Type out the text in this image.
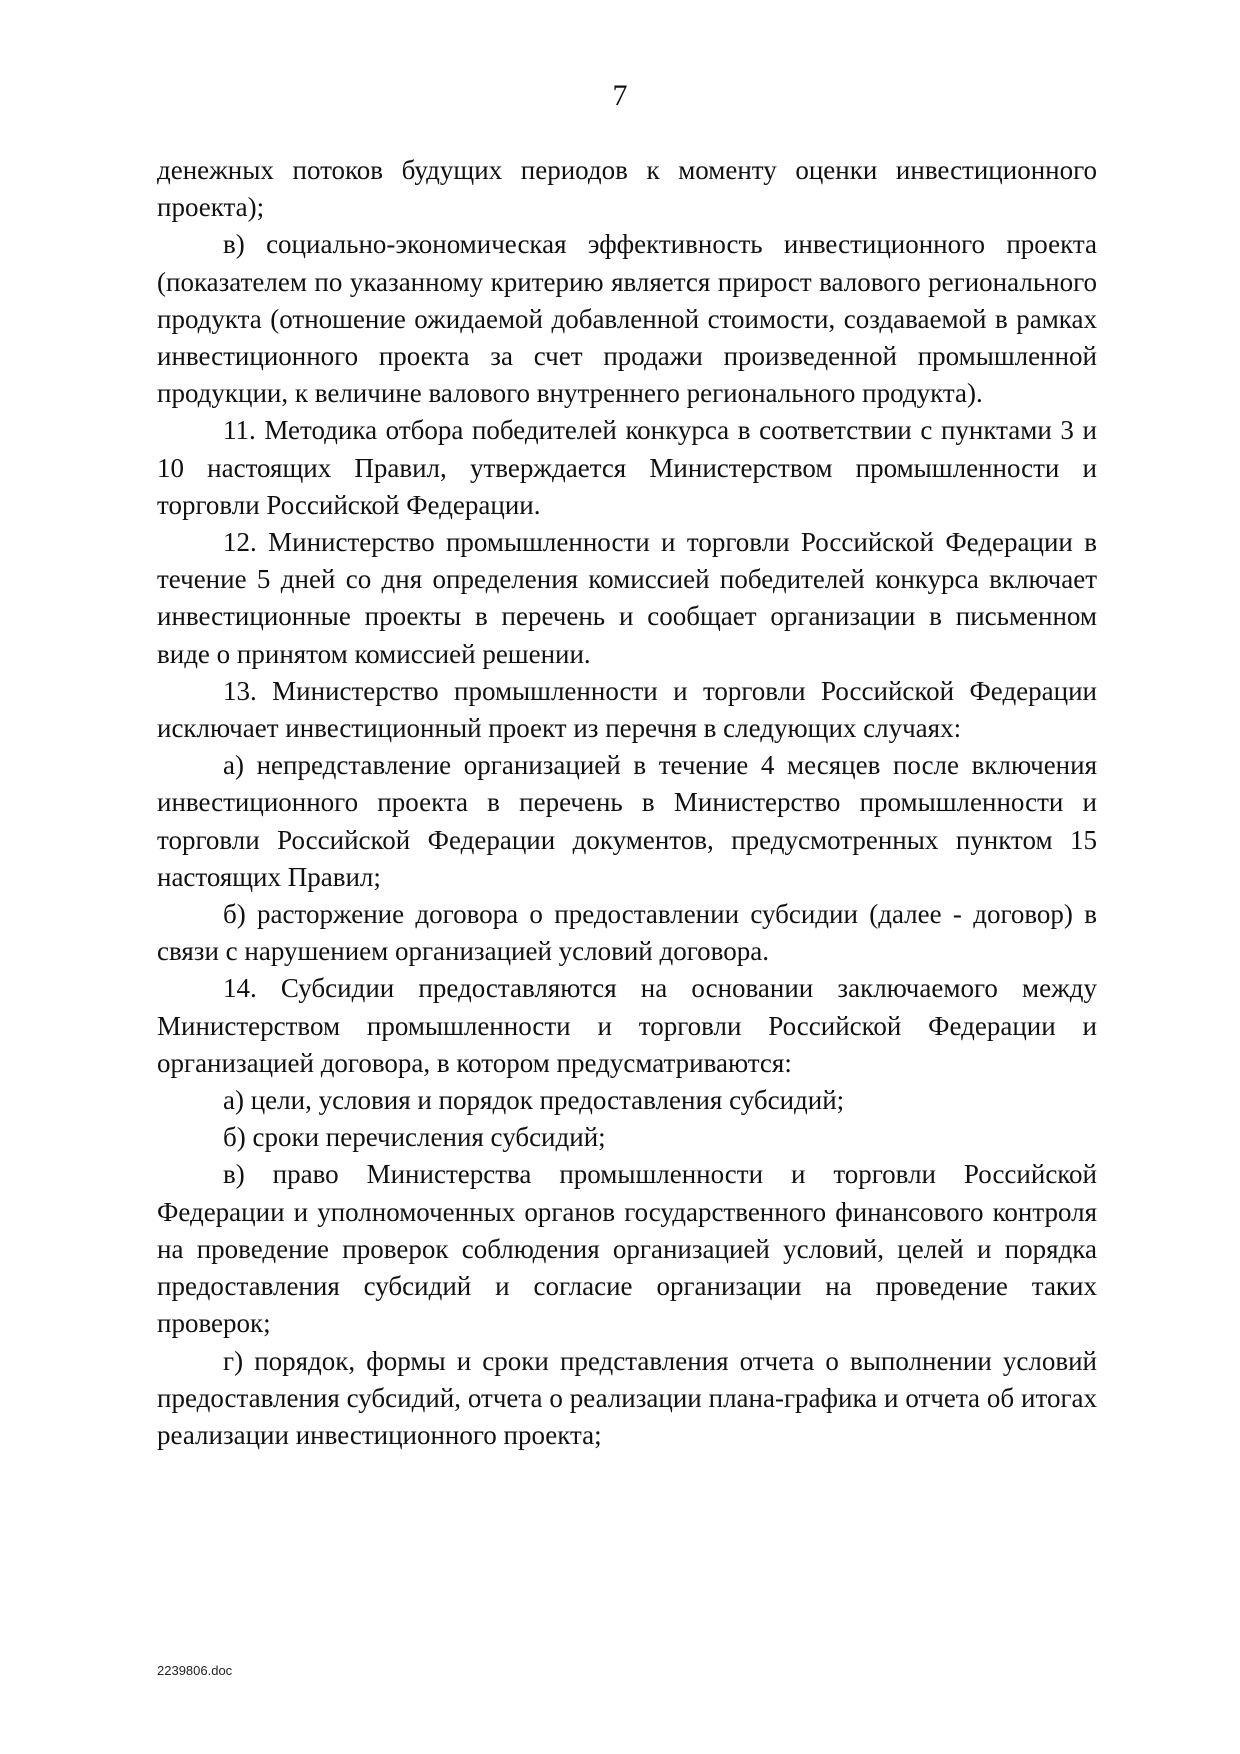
7

денежных потоков будущих периодов к моменту оценки инвестиционного проекта);

в) социально-экономическая эффективность инвестиционного проекта (показателем по указанному критерию является прирост валового регионального продукта (отношение ожидаемой добавленной стоимости, создаваемой в рамках инвестиционного проекта за счет продажи произведенной промышленной продукции, к величине валового внутреннего регионального продукта).

11. Методика отбора победителей конкурса в соответствии с пунктами 3 и 10 настоящих Правил, утверждается Министерством промышленности и торговли Российской Федерации.

12. Министерство промышленности и торговли Российской Федерации в течение 5 дней со дня определения комиссией победителей конкурса включает инвестиционные проекты в перечень и сообщает организации в письменном виде о принятом комиссией решении.

13. Министерство промышленности и торговли Российской Федерации исключает инвестиционный проект из перечня в следующих случаях:

а) непредставление организацией в течение 4 месяцев после включения инвестиционного проекта в перечень в Министерство промышленности и торговли Российской Федерации документов, предусмотренных пунктом 15 настоящих Правил;

б) расторжение договора о предоставлении субсидии (далее - договор) в связи с нарушением организацией условий договора.

14. Субсидии предоставляются на основании заключаемого между Министерством промышленности и торговли Российской Федерации и организацией договора, в котором предусматриваются:

а) цели, условия и порядок предоставления субсидий;

б) сроки перечисления субсидий;

в) право Министерства промышленности и торговли Российской Федерации и уполномоченных органов государственного финансового контроля на проведение проверок соблюдения организацией условий, целей и порядка предоставления субсидий и согласие организации на проведение таких проверок;

г) порядок, формы и сроки представления отчета о выполнении условий предоставления субсидий, отчета о реализации плана-графика и отчета об итогах реализации инвестиционного проекта;

2239806.doc
